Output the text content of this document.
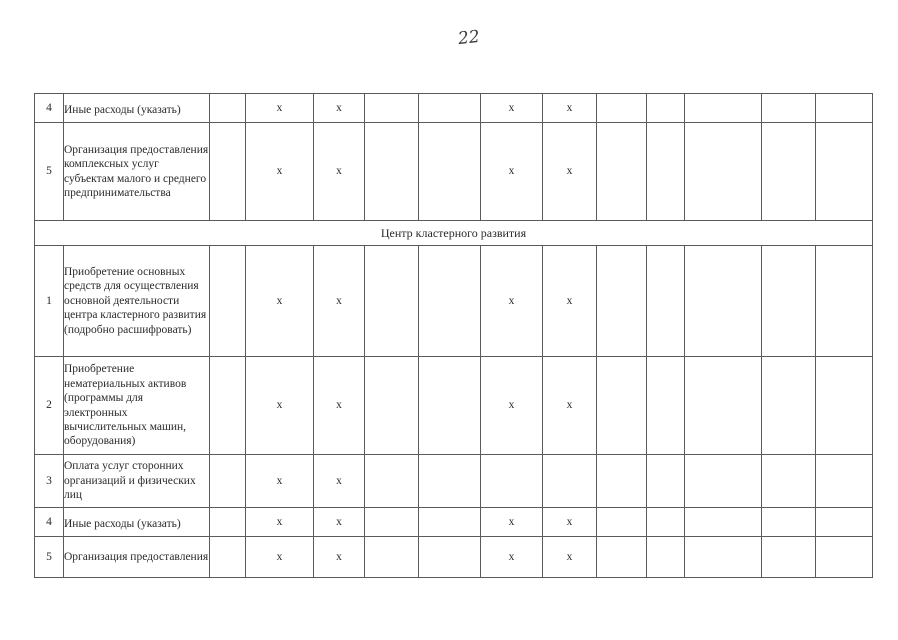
22
4	Иные расходы (указать)		x	x			x	x					
5	Организация предоставления комплексных услуг субъектам малого и среднего предпринимательства		x	x			x	x					
Центр кластерного развития													
1	Приобретение основных средств для осуществления основной деятельности центра кластерного развития (подробно расшифровать)		x	x			x	x					
2	Приобретение нематериальных активов (программы для электронных вычислительных машин, оборудования)		x	x			x	x					
3	Оплата услуг сторонних организаций и физических лиц		x	x									
4	Иные расходы (указать)		x	x			x	x					
5	Организация предоставления		x	x			x	x					
